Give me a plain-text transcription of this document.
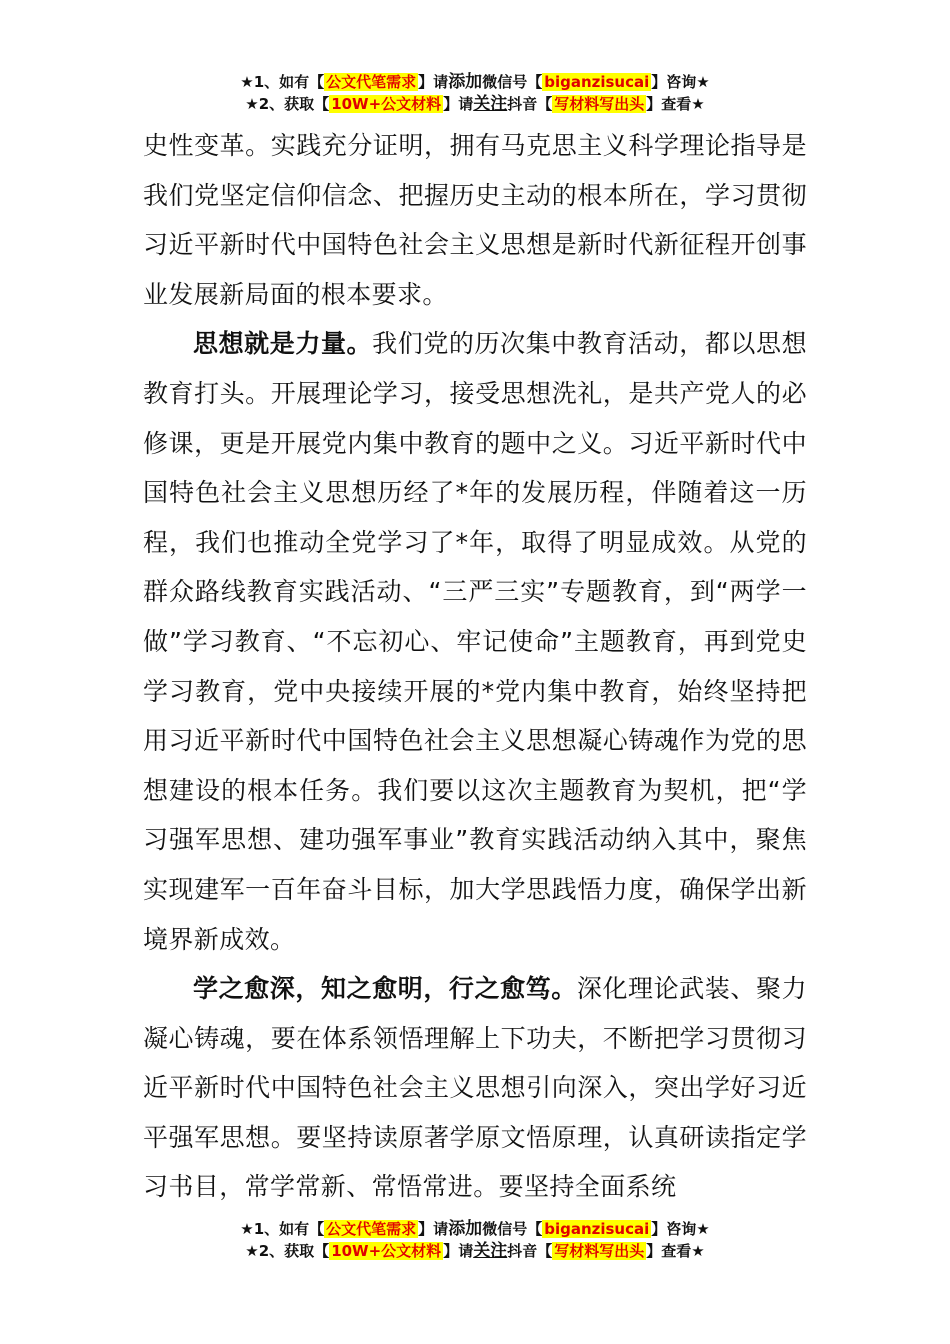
★1、如有【 公文代笔需求 】请添加微信号【 biganzisucai 】咨询★
★2、获取【 10W+公文材料 】请关注抖音【 写材料写出头 】查看★

史性变革。实践充分证明，拥有马克思主义科学理论指导是我们党坚定信仰信念、把握历史主动的根本所在，学习贯彻习近平新时代中国特色社会主义思想是新时代新征程开创事业发展新局面的根本要求。

思想就是力量。我们党的历次集中教育活动，都以思想教育打头。开展理论学习，接受思想洗礼，是共产党人的必修课，更是开展党内集中教育的题中之义。习近平新时代中国特色社会主义思想历经了*年的发展历程，伴随着这一历程，我们也推动全党学习了*年，取得了明显成效。从党的群众路线教育实践活动、“三严三实”专题教育，到“两学一做”学习教育、“不忘初心、牢记使命”主题教育，再到党史学习教育，党中央接续开展的*党内集中教育，始终坚持把用习近平新时代中国特色社会主义思想凝心铸魂作为党的思想建设的根本任务。我们要以这次主题教育为契机，把“学习强军思想、建功强军事业”教育实践活动纳入其中，聚焦实现建军一百年奋斗目标，加大学思践悟力度，确保学出新境界新成效。

学之愈深，知之愈明，行之愈笃。深化理论武装、聚力凝心铸魂，要在体系领悟理解上下功夫，不断把学习贯彻习近平新时代中国特色社会主义思想引向深入，突出学好习近平强军思想。要坚持读原著学原文悟原理，认真研读指定学习书目，常学常新、常悟常进。要坚持全面系统

★1、如有【 公文代笔需求 】请添加微信号【 biganzisucai 】咨询★
★2、获取【 10W+公文材料 】请关注抖音【 写材料写出头 】查看★
